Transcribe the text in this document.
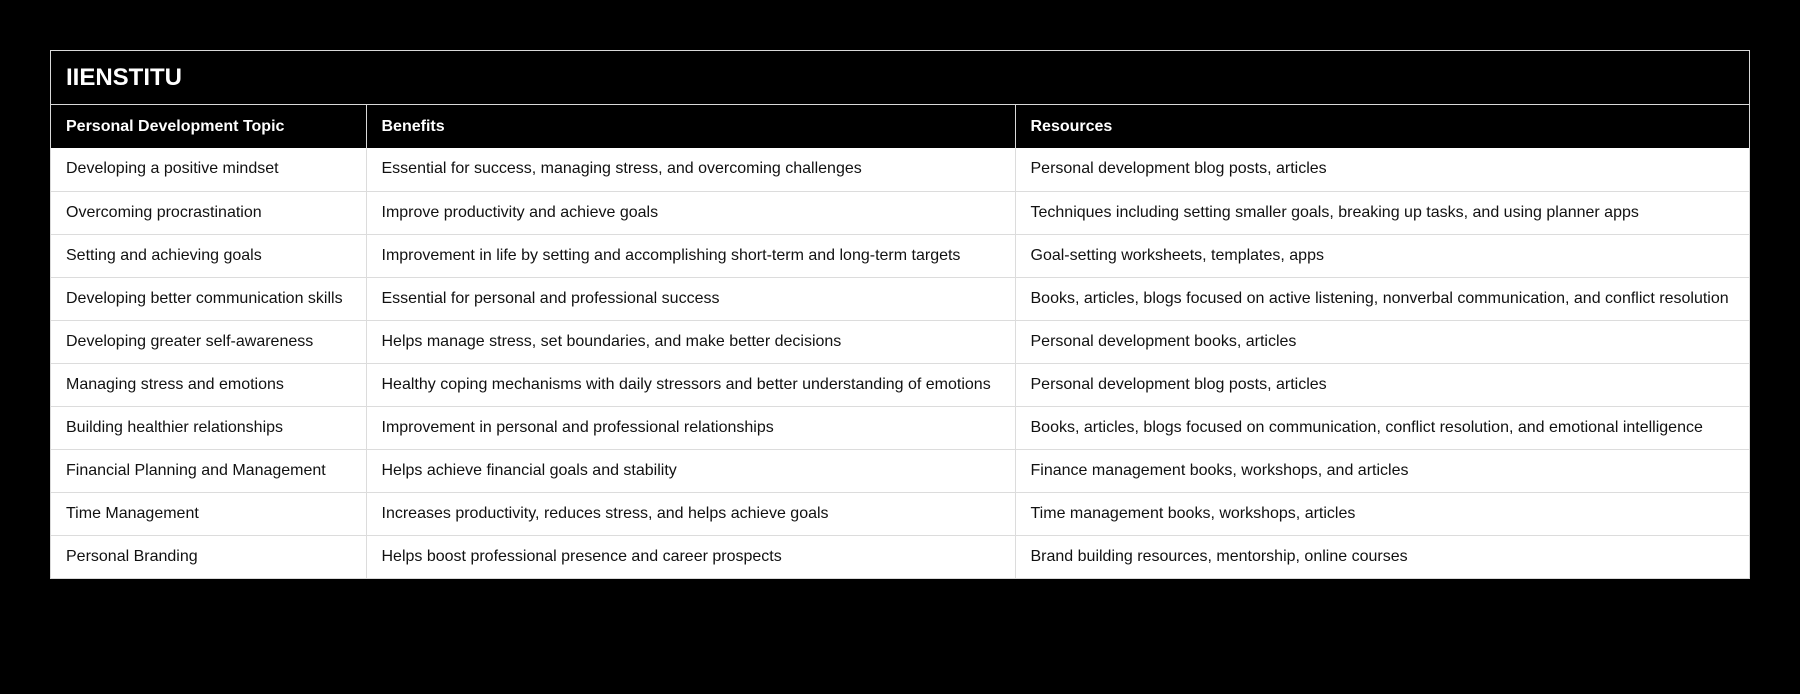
IIENSTITU
Personal Development Topic	Benefits	Resources
Developing a positive mindset	Essential for success, managing stress, and overcoming challenges	Personal development blog posts, articles
Overcoming procrastination	Improve productivity and achieve goals	Techniques including setting smaller goals, breaking up tasks, and using planner apps
Setting and achieving goals	Improvement in life by setting and accomplishing short-term and long-term targets	Goal-setting worksheets, templates, apps
Developing better communication skills	Essential for personal and professional success	Books, articles, blogs focused on active listening, nonverbal communication, and conflict resolution
Developing greater self-awareness	Helps manage stress, set boundaries, and make better decisions	Personal development books, articles
Managing stress and emotions	Healthy coping mechanisms with daily stressors and better understanding of emotions	Personal development blog posts, articles
Building healthier relationships	Improvement in personal and professional relationships	Books, articles, blogs focused on communication, conflict resolution, and emotional intelligence
Financial Planning and Management	Helps achieve financial goals and stability	Finance management books, workshops, and articles
Time Management	Increases productivity, reduces stress, and helps achieve goals	Time management books, workshops, articles
Personal Branding	Helps boost professional presence and career prospects	Brand building resources, mentorship, online courses
